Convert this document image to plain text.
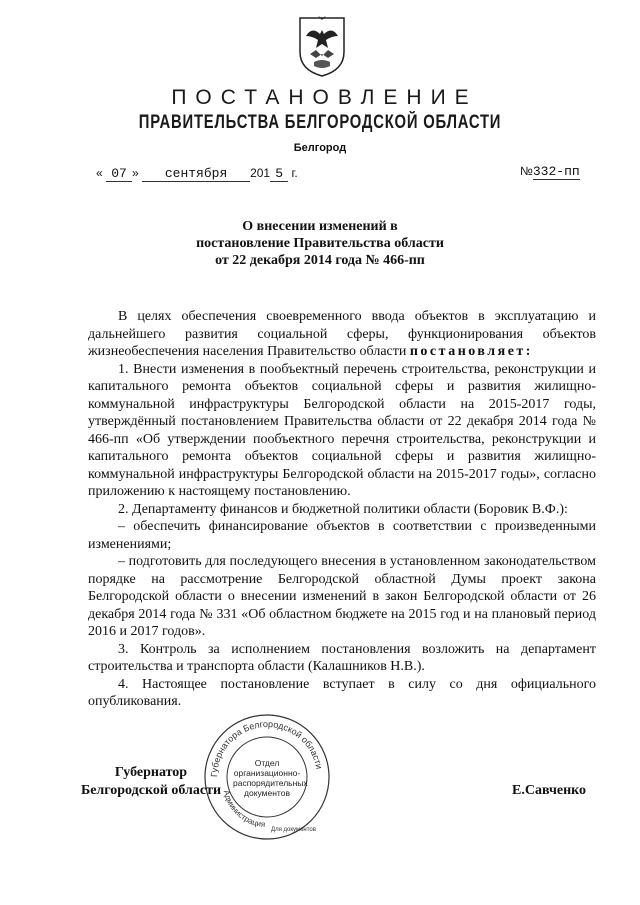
ПОСТАНОВЛЕНИЕ
ПРАВИТЕЛЬСТВА БЕЛГОРОДСКОЙ ОБЛАСТИ
Белгород
« 07 » сентября 201 5 г.	№332-пп
О внесении изменений в
постановление Правительства области
от 22 декабря 2014 года № 466-пп

В целях обеспечения своевременного ввода объектов в эксплуатацию и дальнейшего развития социальной сферы, функционирования объектов жизнеобеспечения населения Правительство области постановляет:

1. Внести изменения в пообъектный перечень строительства, реконструкции и капитального ремонта объектов социальной сферы и развития жилищно-коммунальной инфраструктуры Белгородской области на 2015-2017 годы, утверждённый постановлением Правительства области от 22 декабря 2014 года № 466-пп «Об утверждении пообъектного перечня строительства, реконструкции и капитального ремонта объектов социальной сферы и развития жилищно-коммунальной инфраструктуры Белгородской области на 2015-2017 годы», согласно приложению к настоящему постановлению.

2. Департаменту финансов и бюджетной политики области (Боровик В.Ф.):

– обеспечить финансирование объектов в соответствии с произведенными изменениями;

– подготовить для последующего внесения в установленном законодательством порядке на рассмотрение Белгородской областной Думы проект закона Белгородской области о внесении изменений в закон Белгородской области от 26 декабря 2014 года № 331 «Об областном бюджете на 2015 год и на плановый период 2016 и 2017 годов».

3. Контроль за исполнением постановления возложить на департамент строительства и транспорта области (Калашников Н.В.).

4. Настоящее постановление вступает в силу со дня официального опубликования.

Губернатора Белгородской области
Администрация
Для документов
Отдел
организационно-
распорядительных
документов
Губернатор
Белгородской области	Е.Савченко
